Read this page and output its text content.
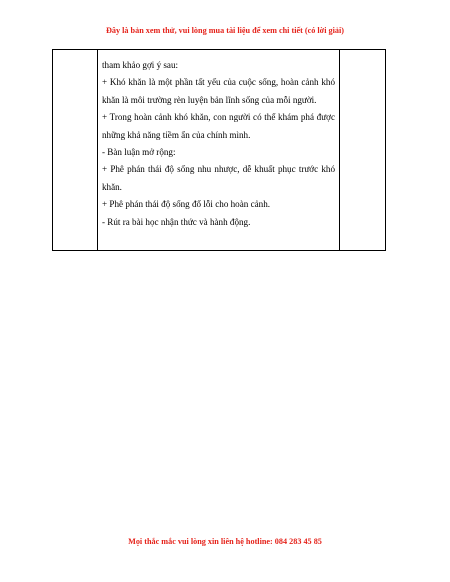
Đây là bản xem thử, vui lòng mua tài liệu để xem chi tiết (có lời giải)

tham khảo gợi ý sau:

+ Khó khăn là một phần tất yếu của cuộc sống, hoàn cảnh khó khăn là môi trường rèn luyện bản lĩnh sống của mỗi người.

+ Trong hoàn cảnh khó khăn, con người có thể khám phá được những khả năng tiềm ẩn của chính mình.

- Bàn luận mở rộng:

+ Phê phán thái độ sống nhu nhược, dễ khuất phục trước khó khăn.

+ Phê phán thái độ sống đổ lỗi cho hoàn cảnh.

- Rút ra bài học nhận thức và hành động.

Mọi thắc mắc vui lòng xin liên hệ hotline: 084 283 45 85
